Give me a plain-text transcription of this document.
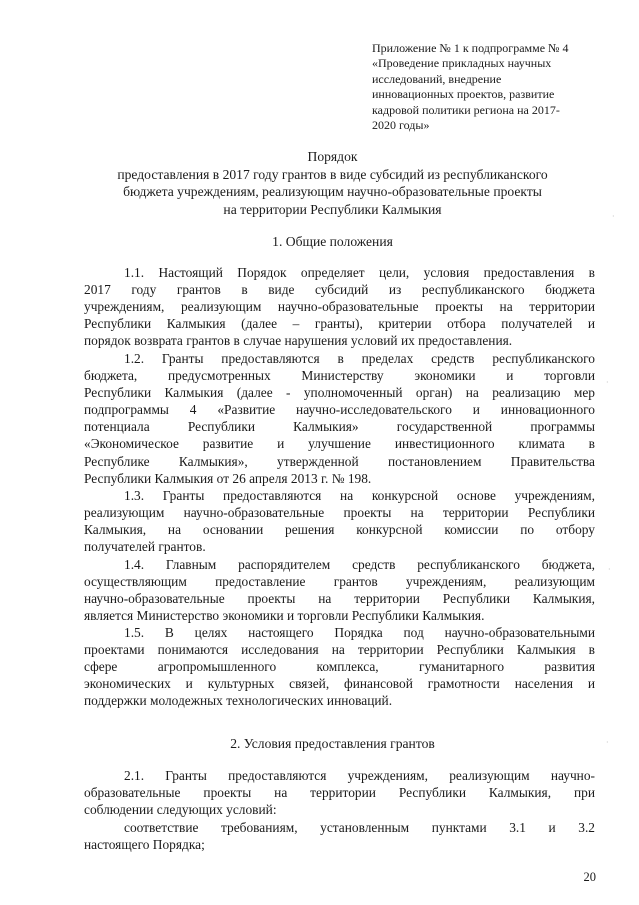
·
·
·
·
Приложение № 1 к подпрограмме № 4
«Проведение прикладных научных
исследований, внедрение
инновационных проектов, развитие
кадровой политики региона на 2017-
2020 годы»
Порядок
предоставления в 2017 году грантов в виде субсидий из республиканского
бюджета учреждениям, реализующим научно-образовательные проекты
на территории Республики Калмыкия
1. Общие положения
1.1. Настоящий Порядок определяет цели, условия предоставления в
2017 году грантов в виде субсидий из республиканского бюджета
учреждениям, реализующим научно-образовательные проекты на территории
Республики Калмыкия (далее – гранты), критерии отбора получателей и
порядок возврата грантов в случае нарушения условий их предоставления.
1.2. Гранты предоставляются в пределах средств республиканского
бюджета, предусмотренных Министерству экономики и торговли
Республики Калмыкия (далее - уполномоченный орган) на реализацию мер
подпрограммы 4 «Развитие научно-исследовательского и инновационного
потенциала Республики Калмыкия» государственной программы
«Экономическое развитие и улучшение инвестиционного климата в
Республике Калмыкия», утвержденной постановлением Правительства
Республики Калмыкия от 26 апреля 2013 г. № 198.
1.3. Гранты предоставляются на конкурсной основе учреждениям,
реализующим научно-образовательные проекты на территории Республики
Калмыкия, на основании решения конкурсной комиссии по отбору
получателей грантов.
1.4. Главным распорядителем средств республиканского бюджета,
осуществляющим предоставление грантов учреждениям, реализующим
научно-образовательные проекты на территории Республики Калмыкия,
является Министерство экономики и торговли Республики Калмыкия.
1.5. В целях настоящего Порядка под научно-образовательными
проектами понимаются исследования на территории Республики Калмыкия в
сфере агропромышленного комплекса, гуманитарного развития
экономических и культурных связей, финансовой грамотности населения и
поддержки молодежных технологических инноваций.
2. Условия предоставления грантов
2.1. Гранты предоставляются учреждениям, реализующим научно-
образовательные проекты на территории Республики Калмыкия, при
соблюдении следующих условий:
соответствие требованиям, установленным пунктами 3.1 и 3.2
настоящего Порядка;
20
